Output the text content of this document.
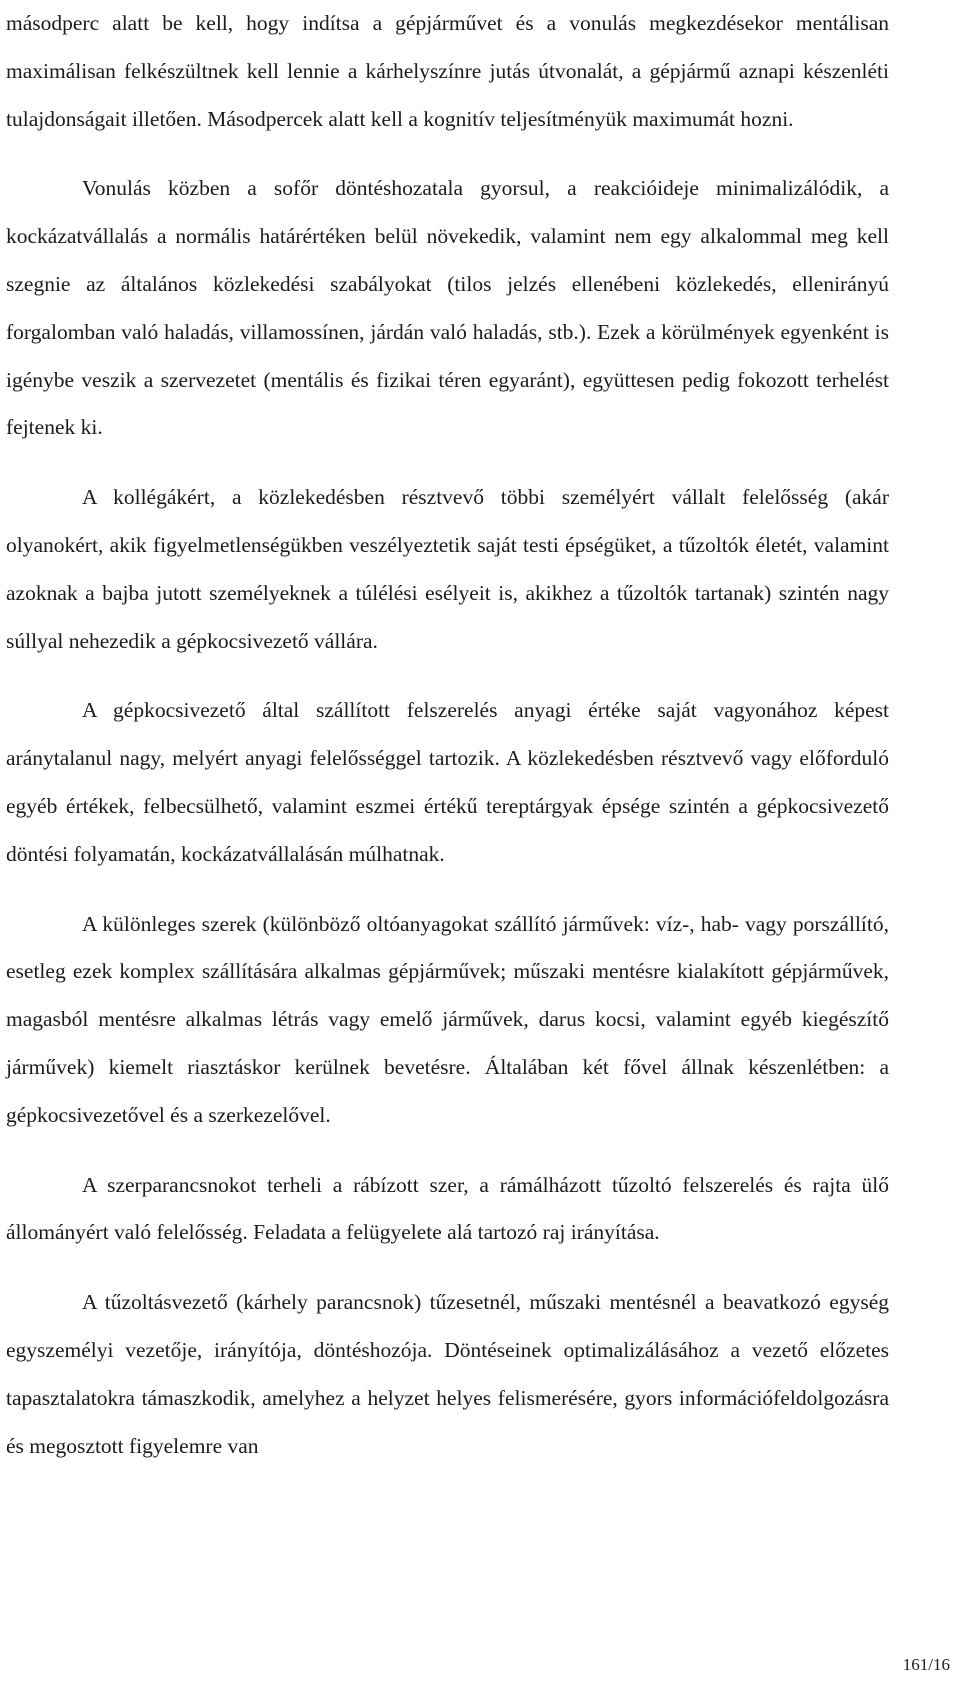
másodperc alatt be kell, hogy indítsa a gépjárművet és a vonulás megkezdésekor mentálisan maximálisan felkészültnek kell lennie a kárhelyszínre jutás útvonalát, a gépjármű aznapi készenléti tulajdonságait illetően. Másodpercek alatt kell a kognitív teljesítményük maximumát hozni.

Vonulás közben a sofőr döntéshozatala gyorsul, a reakcióideje minimalizálódik, a kockázatvállalás a normális határértéken belül növekedik, valamint nem egy alkalommal meg kell szegnie az általános közlekedési szabályokat (tilos jelzés ellenébeni közlekedés, ellenirányú forgalomban való haladás, villamossínen, járdán való haladás, stb.). Ezek a körülmények egyenként is igénybe veszik a szervezetet (mentális és fizikai téren egyaránt), együttesen pedig fokozott terhelést fejtenek ki.

A kollégákért, a közlekedésben résztvevő többi személyért vállalt felelősség (akár olyanokért, akik figyelmetlenségükben veszélyeztetik saját testi épségüket, a tűzoltók életét, valamint azoknak a bajba jutott személyeknek a túlélési esélyeit is, akikhez a tűzoltók tartanak) szintén nagy súllyal nehezedik a gépkocsivezető vállára.

A gépkocsivezető által szállított felszerelés anyagi értéke saját vagyonához képest aránytalanul nagy, melyért anyagi felelősséggel tartozik. A közlekedésben résztvevő vagy előforduló egyéb értékek, felbecsülhető, valamint eszmei értékű tereptárgyak épsége szintén a gépkocsivezető döntési folyamatán, kockázatvállalásán múlhatnak.

A különleges szerek (különböző oltóanyagokat szállító járművek: víz-, hab- vagy porszállító, esetleg ezek komplex szállítására alkalmas gépjárművek; műszaki mentésre kialakított gépjárművek, magasból mentésre alkalmas létrás vagy emelő járművek, darus kocsi, valamint egyéb kiegészítő járművek) kiemelt riasztáskor kerülnek bevetésre. Általában két fővel állnak készenlétben: a gépkocsivezetővel és a szerkezelővel.

A szerparancsnokot terheli a rábízott szer, a rámálházott tűzoltó felszerelés és rajta ülő állományért való felelősség. Feladata a felügyelete alá tartozó raj irányítása.

A tűzoltásvezető (kárhely parancsnok) tűzesetnél, műszaki mentésnél a beavatkozó egység egyszemélyi vezetője, irányítója, döntéshozója. Döntéseinek optimalizálásához a vezető előzetes tapasztalatokra támaszkodik, amelyhez a helyzet helyes felismerésére, gyors információfeldolgozásra és megosztott figyelemre van

161/16
